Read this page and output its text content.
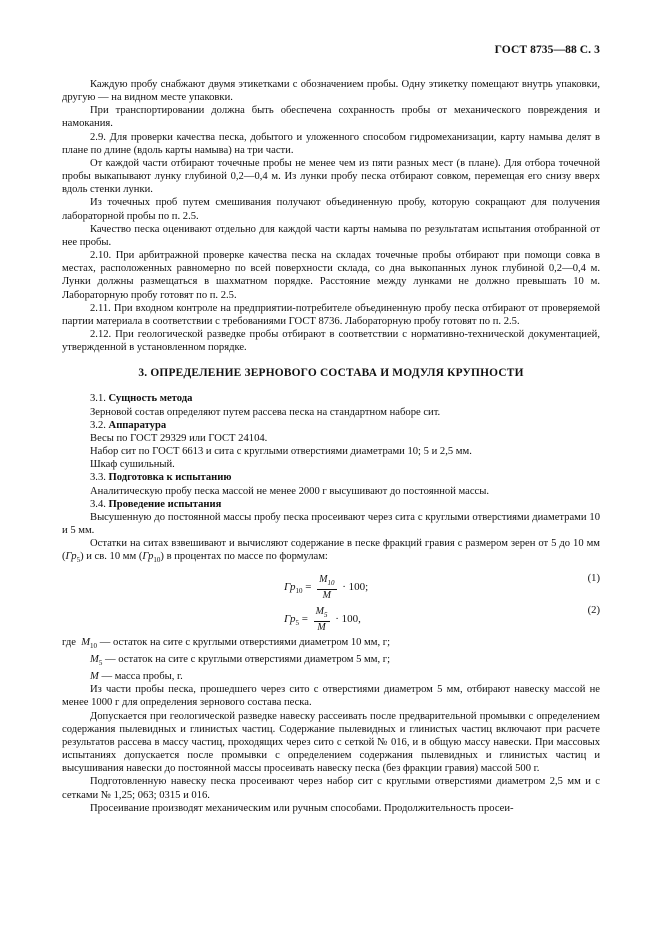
ГОСТ 8735—88 С. 3

Каждую пробу снабжают двумя этикетками с обозначением пробы. Одну этикетку помещают внутрь упаковки, другую — на видном месте упаковки.

При транспортировании должна быть обеспечена сохранность пробы от механического повреждения и намокания.

2.9. Для проверки качества песка, добытого и уложенного способом гидромеханизации, карту намыва делят в плане по длине (вдоль карты намыва) на три части.

От каждой части отбирают точечные пробы не менее чем из пяти разных мест (в плане). Для отбора точечной пробы выкапывают лунку глубиной 0,2—0,4 м. Из лунки пробу песка отбирают совком, перемещая его снизу вверх вдоль стенки лунки.

Из точечных проб путем смешивания получают объединенную пробу, которую сокращают для получения лабораторной пробы по п. 2.5.

Качество песка оценивают отдельно для каждой части карты намыва по результатам испытания отобранной от нее пробы.

2.10. При арбитражной проверке качества песка на складах точечные пробы отбирают при помощи совка в местах, расположенных равномерно по всей поверхности склада, со дна выкопанных лунок глубиной 0,2—0,4 м. Лунки должны размещаться в шахматном порядке. Расстояние между лунками не должно превышать 10 м. Лабораторную пробу готовят по п. 2.5.

2.11. При входном контроле на предприятии-потребителе объединенную пробу песка отбирают от проверяемой партии материала в соответствии с требованиями ГОСТ 8736. Лабораторную пробу готовят по п. 2.5.

2.12. При геологической разведке пробы отбирают в соответствии с нормативно-технической документацией, утвержденной в установленном порядке.

3. ОПРЕДЕЛЕНИЕ ЗЕРНОВОГО СОСТАВА И МОДУЛЯ КРУПНОСТИ

3.1. Сущность метода

Зерновой состав определяют путем рассева песка на стандартном наборе сит.

3.2. Аппаратура

Весы по ГОСТ 29329 или ГОСТ 24104.

Набор сит по ГОСТ 6613 и сита с круглыми отверстиями диаметрами 10; 5 и 2,5 мм.

Шкаф сушильный.

3.3. Подготовка к испытанию

Аналитическую пробу песка массой не менее 2000 г высушивают до постоянной массы.

3.4. Проведение испытания

Высушенную до постоянной массы пробу песка просеивают через сита с круглыми отверстиями диаметрами 10 и 5 мм.

Остатки на ситах взвешивают и вычисляют содержание в песке фракций гравия с размером зерен от 5 до 10 мм $(Гр_5)$ и св. 10 мм $(Гр_{10})$ в процентах по массе по формулам:

$Гр_{10} = \frac{M_{10}}{M} \cdot 100$;
(1)
$Гр_5 = \frac{M_5}{M} \cdot 100$,
(2)

где $M_{10}$ — остаток на сите с круглыми отверстиями диаметром 10 мм, г;

$M_5$ — остаток на сите с круглыми отверстиями диаметром 5 мм, г;

M — масса пробы, г.

Из части пробы песка, прошедшего через сито с отверстиями диаметром 5 мм, отбирают навеску массой не менее 1000 г для определения зернового состава песка.

Допускается при геологической разведке навеску рассеивать после предварительной промывки с определением содержания пылевидных и глинистых частиц. Содержание пылевидных и глинистых частиц включают при расчете результатов рассева в массу частиц, проходящих через сито с сеткой № 016, и в общую массу навески. При массовых испытаниях допускается после промывки с определением содержания пылевидных и глинистых частиц и высушивания навески до постоянной массы просеивать навеску песка (без фракции гравия) массой 500 г.

Подготовленную навеску песка просеивают через набор сит с круглыми отверстиями диаметром 2,5 мм и с сетками № 1,25; 063; 0315 и 016.

Просеивание производят механическим или ручным способами. Продолжительность просеи-
